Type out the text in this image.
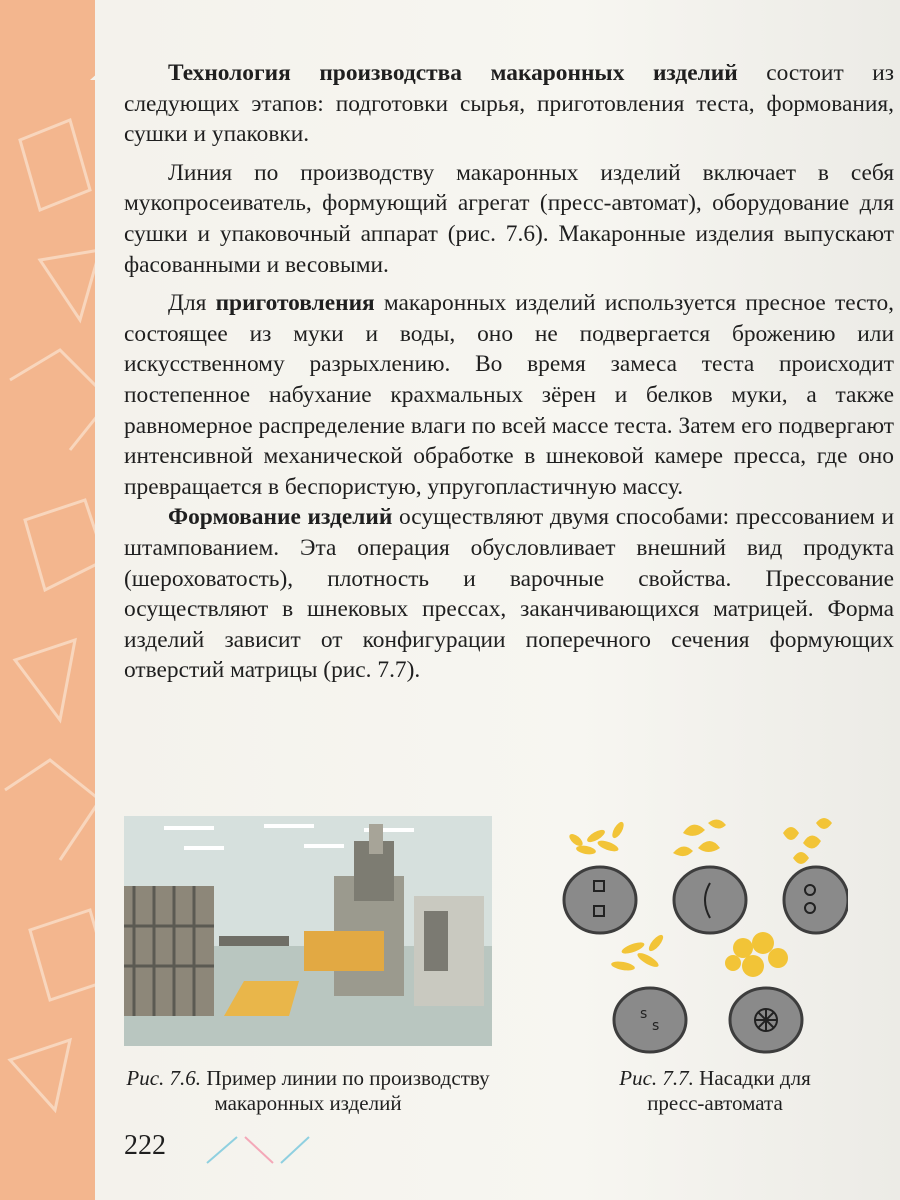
Технология производства макаронных изделий состоит из следующих этапов: подготовки сырья, приготовления теста, формования, сушки и упаковки.

Линия по производству макаронных изделий включает в себя мукопросеиватель, формующий агрегат (пресс-автомат), оборудование для сушки и упаковочный аппарат (рис. 7.6). Макаронные изделия выпускают фасованными и весовыми.

Для приготовления макаронных изделий используется пресное тесто, состоящее из муки и воды, оно не подвергается брожению или искусственному разрыхлению. Во время замеса теста происходит постепенное набухание крахмальных зёрен и белков муки, а также равномерное распределение влаги по всей массе теста. Затем его подвергают интенсивной механической обработке в шнековой камере пресса, где оно превращается в беспористую, упругопластичную массу.

Формование изделий осуществляют двумя способами: прессованием и штампованием. Эта операция обусловливает внешний вид продукта (шероховатость), плотность и варочные свойства. Прессование осуществляют в шнековых прессах, заканчивающихся матрицей. Форма изделий зависит от конфигурации поперечного сечения формующих отверстий матрицы (рис. 7.7).

s
s
Рис. 7.6. Пример линии по производству макаронных изделий
Рис. 7.7. Насадки для пресс-автомата
222
